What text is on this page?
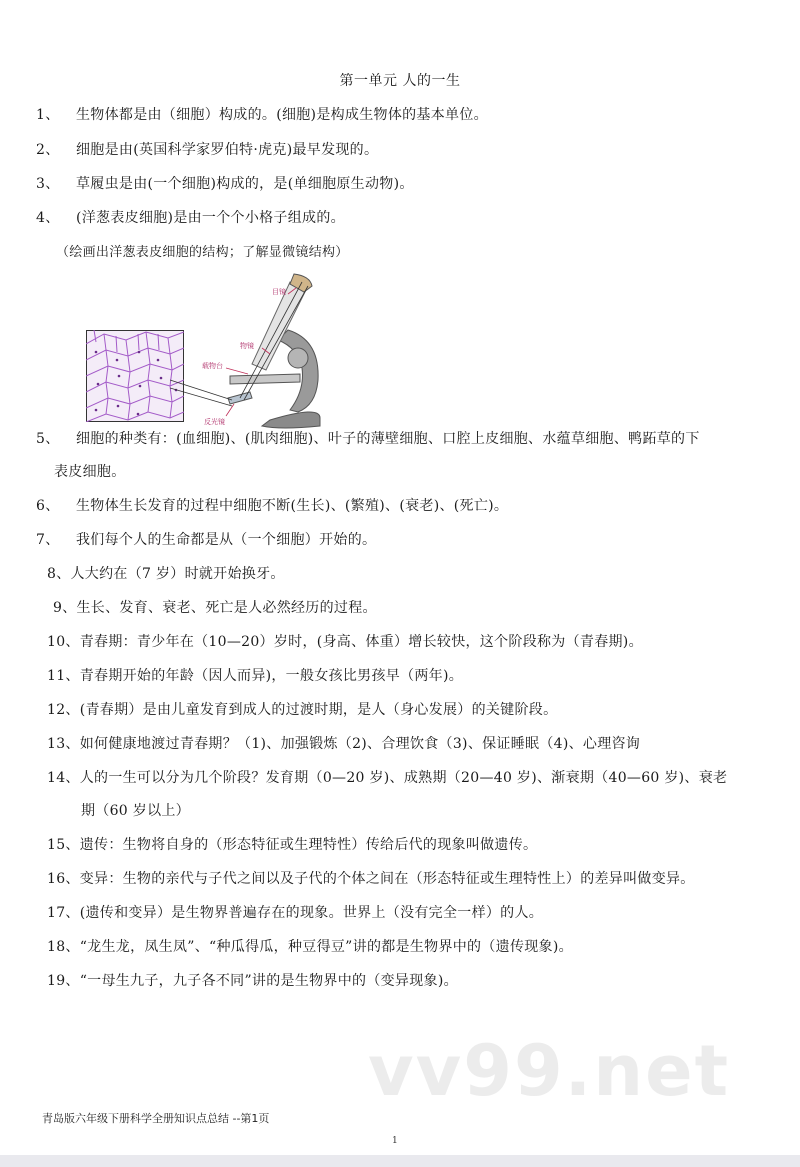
第一单元 人的一生
1、 生物体都是由（细胞）构成的。(细胞)是构成生物体的基本单位。
2、 细胞是由(英国科学家罗伯特·虎克)最早发现的。
3、 草履虫是由(一个细胞)构成的，是(单细胞原生动物)。
4、 (洋葱表皮细胞)是由一个个小格子组成的。
（绘画出洋葱表皮细胞的结构；了解显微镜结构）
目镜
物镜
载物台
反光镜
5、 细胞的种类有：(血细胞)、(肌肉细胞)、叶子的薄壁细胞、口腔上皮细胞、水蕴草细胞、鸭跖草的下
表皮细胞。
6、 生物体生长发育的过程中细胞不断(生长)、(繁殖)、(衰老)、(死亡)。
7、 我们每个人的生命都是从（一个细胞）开始的。
8、人大约在（7 岁）时就开始换牙。
9、生长、发育、衰老、死亡是人必然经历的过程。
10、青春期：青少年在（10—20）岁时，(身高、体重）增长较快，这个阶段称为（青春期)。
11、青春期开始的年龄（因人而异)，一般女孩比男孩早（两年)。
12、(青春期）是由儿童发育到成人的过渡时期，是人（身心发展）的关键阶段。
13、如何健康地渡过青春期？（1)、加强锻炼（2)、合理饮食（3)、保证睡眠（4)、心理咨询
14、人的一生可以分为几个阶段？发育期（0—20 岁)、成熟期（20—40 岁)、渐衰期（40—60 岁)、衰老
期（60 岁以上）
15、遗传：生物将自身的（形态特征或生理特性）传给后代的现象叫做遗传。
16、变异：生物的亲代与子代之间以及子代的个体之间在（形态特征或生理特性上）的差异叫做变异。
17、(遗传和变异）是生物界普遍存在的现象。世界上（没有完全一样）的人。
18、“龙生龙，凤生凤”、“种瓜得瓜，种豆得豆”讲的都是生物界中的（遗传现象)。
19、“一母生九子，九子各不同”讲的是生物界中的（变异现象)。
vv99.net
青岛版六年级下册科学全册知识点总结 --第1页
1
